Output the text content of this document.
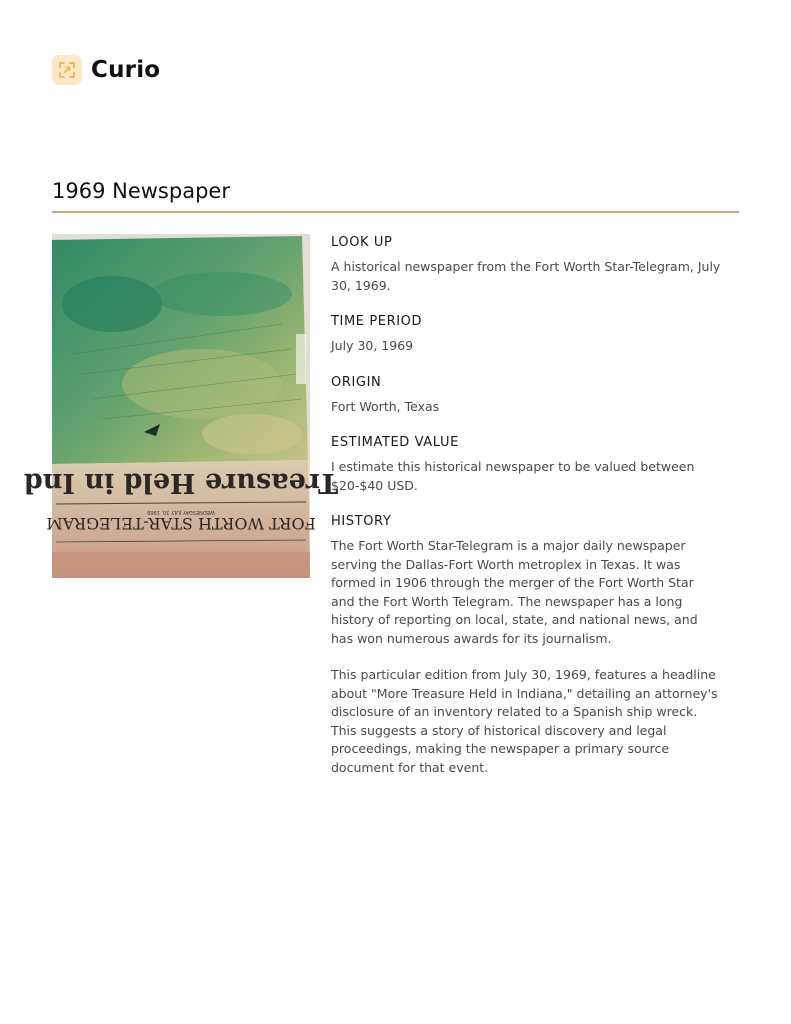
Curio
1969 Newspaper
Treasure Held in Ind
WEDNESDAY JULY 30, 1969
FORT WORTH STAR-TELEGRAM

LOOK UP

A historical newspaper from the Fort Worth Star-Telegram, July 30, 1969.

TIME PERIOD

July 30, 1969

ORIGIN

Fort Worth, Texas

ESTIMATED VALUE

I estimate this historical newspaper to be valued between $20-$40 USD.

HISTORY

The Fort Worth Star-Telegram is a major daily newspaper serving the Dallas-Fort Worth metroplex in Texas. It was formed in 1906 through the merger of the Fort Worth Star and the Fort Worth Telegram. The newspaper has a long history of reporting on local, state, and national news, and has won numerous awards for its journalism.

This particular edition from July 30, 1969, features a headline about "More Treasure Held in Indiana," detailing an attorney's disclosure of an inventory related to a Spanish ship wreck. This suggests a story of historical discovery and legal proceedings, making the newspaper a primary source document for that event.
